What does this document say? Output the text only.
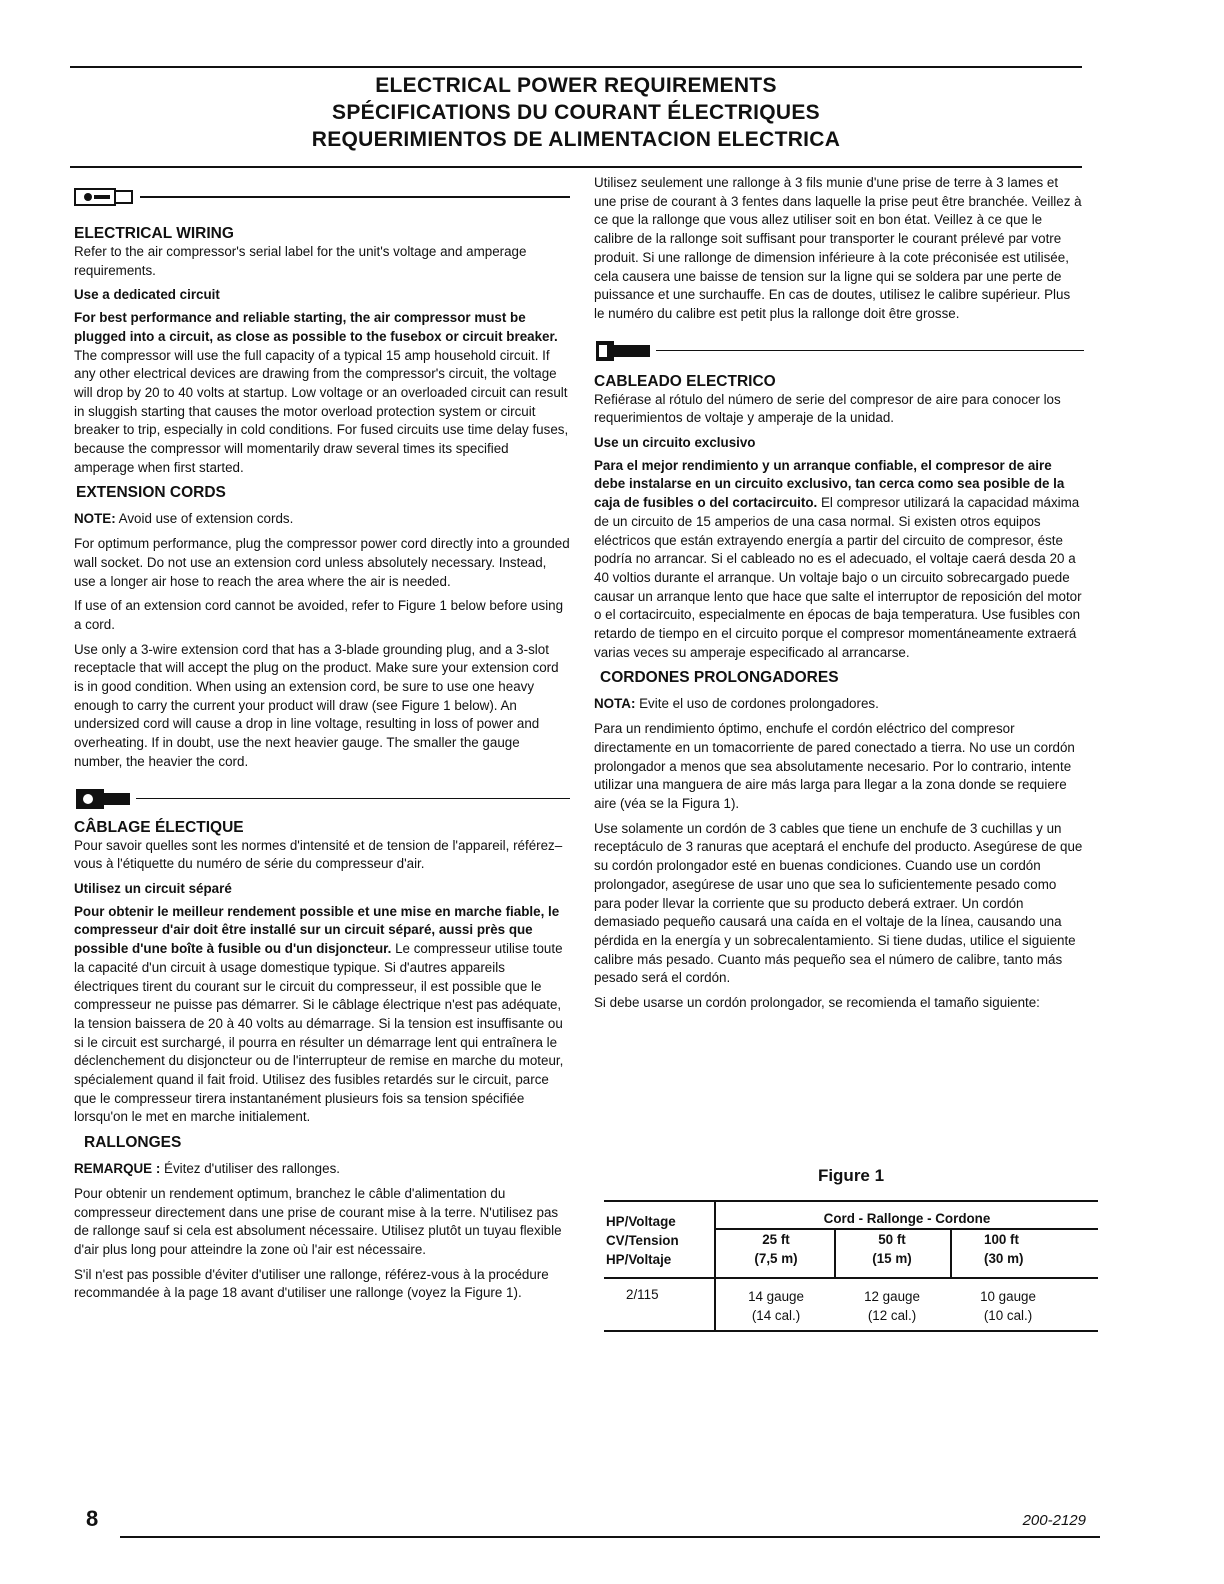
ELECTRICAL POWER REQUIREMENTS
SPÉCIFICATIONS DU COURANT ÉLECTRIQUES
REQUERIMIENTOS DE ALIMENTACION ELECTRICA
ELECTRICAL WIRING

Refer to the air compressor's serial label for the unit's voltage and amperage requirements.

Use a dedicated circuit

For best performance and reliable starting, the air compressor must be plugged into a circuit, as close as possible to the fusebox or circuit breaker. The compressor will use the full capacity of a typical 15 amp household circuit. If any other electrical devices are drawing from the compressor's circuit, the voltage will drop by 20 to 40 volts at startup. Low voltage or an overloaded circuit can result in sluggish starting that causes the motor overload protection system or circuit breaker to trip, especially in cold conditions. For fused circuits use time delay fuses, because the compressor will momentarily draw several times its specified amperage when first started.

EXTENSION CORDS

NOTE: Avoid use of extension cords.

For optimum performance, plug the compressor power cord directly into a grounded wall socket. Do not use an extension cord unless absolutely necessary. Instead, use a longer air hose to reach the area where the air is needed.

If use of an extension cord cannot be avoided, refer to Figure 1 below before using a cord.

Use only a 3-wire extension cord that has a 3-blade grounding plug, and a 3-slot receptacle that will accept the plug on the product. Make sure your extension cord is in good condition. When using an extension cord, be sure to use one heavy enough to carry the current your product will draw (see Figure 1 below). An undersized cord will cause a drop in line voltage, resulting in loss of power and overheating. If in doubt, use the next heavier gauge. The smaller the gauge number, the heavier the cord.

CÂBLAGE ÉLECTIQUE

Pour savoir quelles sont les normes d'intensité et de tension de l'appareil, référez–vous à l'étiquette du numéro de série du compresseur d'air.

Utilisez un circuit séparé

Pour obtenir le meilleur rendement possible et une mise en marche fiable, le compresseur d'air doit être installé sur un circuit séparé, aussi près que possible d'une boîte à fusible ou d'un disjoncteur. Le compresseur utilise toute la capacité d'un circuit à usage domestique typique. Si d'autres appareils électriques tirent du courant sur le circuit du compresseur, il est possible que le compresseur ne puisse pas démarrer. Si le câblage électrique n'est pas adéquate, la tension baissera de 20 à 40 volts au démarrage. Si la tension est insuffisante ou si le circuit est surchargé, il pourra en résulter un démarrage lent qui entraînera le déclenchement du disjoncteur ou de l'interrupteur de remise en marche du moteur, spécialement quand il fait froid. Utilisez des fusibles retardés sur le circuit, parce que le compresseur tirera instantanément plusieurs fois sa tension spécifiée lorsqu'on le met en marche initialement.

RALLONGES

REMARQUE : Évitez d'utiliser des rallonges.

Pour obtenir un rendement optimum, branchez le câble d'alimentation du compresseur directement dans une prise de courant mise à la terre. N'utilisez pas de rallonge sauf si cela est absolument nécessaire. Utilisez plutôt un tuyau flexible d'air plus long pour atteindre la zone où l'air est nécessaire.

S'il n'est pas possible d'éviter d'utiliser une rallonge, référez-vous à la procédure recommandée à la page 18 avant d'utiliser une rallonge (voyez la Figure 1).

Utilisez seulement une rallonge à 3 fils munie d'une prise de terre à 3 lames et une prise de courant à 3 fentes dans laquelle la prise peut être branchée. Veillez à ce que la rallonge que vous allez utiliser soit en bon état. Veillez à ce que le calibre de la rallonge soit suffisant pour transporter le courant prélevé par votre produit. Si une rallonge de dimension inférieure à la cote préconisée est utilisée, cela causera une baisse de tension sur la ligne qui se soldera par une perte de puissance et une surchauffe. En cas de doutes, utilisez le calibre supérieur. Plus le numéro du calibre est petit plus la rallonge doit être grosse.

CABLEADO ELECTRICO

Refiérase al rótulo del número de serie del compresor de aire para conocer los requerimientos de voltaje y amperaje de la unidad.

Use un circuito exclusivo

Para el mejor rendimiento y un arranque confiable, el compresor de aire debe instalarse en un circuito exclusivo, tan cerca como sea posible de la caja de fusibles o del cortacircuito. El compresor utilizará la capacidad máxima de un circuito de 15 amperios de una casa normal. Si existen otros equipos eléctricos que están extrayendo energía a partir del circuito de compresor, éste podría no arrancar. Si el cableado no es el adecuado, el voltaje caerá desda 20 a 40 voltios durante el arranque. Un voltaje bajo o un circuito sobrecargado puede causar un arranque lento que hace que salte el interruptor de reposición del motor o el cortacircuito, especialmente en épocas de baja temperatura. Use fusibles con retardo de tiempo en el circuito porque el compresor momentáneamente extraerá varias veces su amperaje especificado al arrancarse.

CORDONES PROLONGADORES

NOTA: Evite el uso de cordones prolongadores.

Para un rendimiento óptimo, enchufe el cordón eléctrico del compresor directamente en un tomacorriente de pared conectado a tierra. No use un cordón prolongador a menos que sea absolutamente necesario. Por lo contrario, intente utilizar una manguera de aire más larga para llegar a la zona donde se requiere aire (véa se la Figura 1).

Use solamente un cordón de 3 cables que tiene un enchufe de 3 cuchillas y un receptáculo de 3 ranuras que aceptará el enchufe del producto. Asegúrese de que su cordón prolongador esté en buenas condiciones. Cuando use un cordón prolongador, asegúrese de usar uno que sea lo suficientemente pesado como para poder llevar la corriente que su producto deberá extraer. Un cordón demasiado pequeño causará una caída en el voltaje de la línea, causando una pérdida en la energía y un sobrecalentamiento. Si tiene dudas, utilice el siguiente calibre más pesado. Cuanto más pequeño sea el número de calibre, tanto más pesado será el cordón.

Si debe usarse un cordón prolongador, se recomienda el tamaño siguiente:

Figure 1
HP/Voltage
CV/Tension
HP/Voltaje
Cord - Rallonge - Cordone
25 ft
(7,5 m)
50 ft
(15 m)
100 ft
(30 m)
2/115	14 gauge
(14 cal.)
12 gauge
(12 cal.)
10 gauge
(10 cal.)
8	200-2129
